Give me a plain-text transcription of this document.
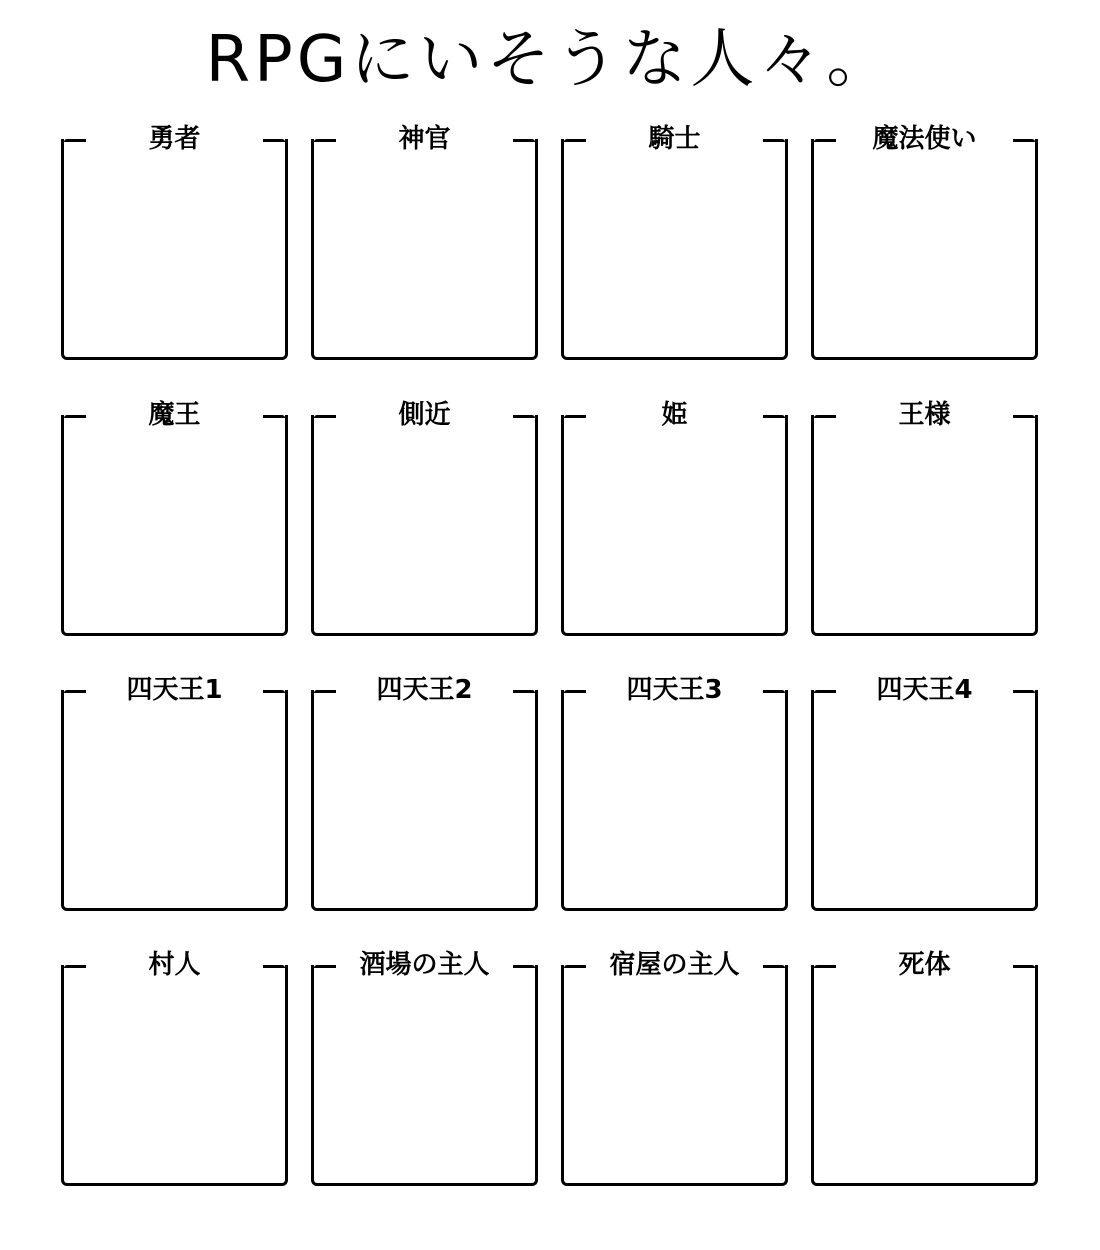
RPGにいそうな人々。
勇者	神官	騎士	魔法使い
魔王	側近	姫	王様
四天王1	四天王2	四天王3	四天王4
村人	酒場の主人	宿屋の主人	死体
